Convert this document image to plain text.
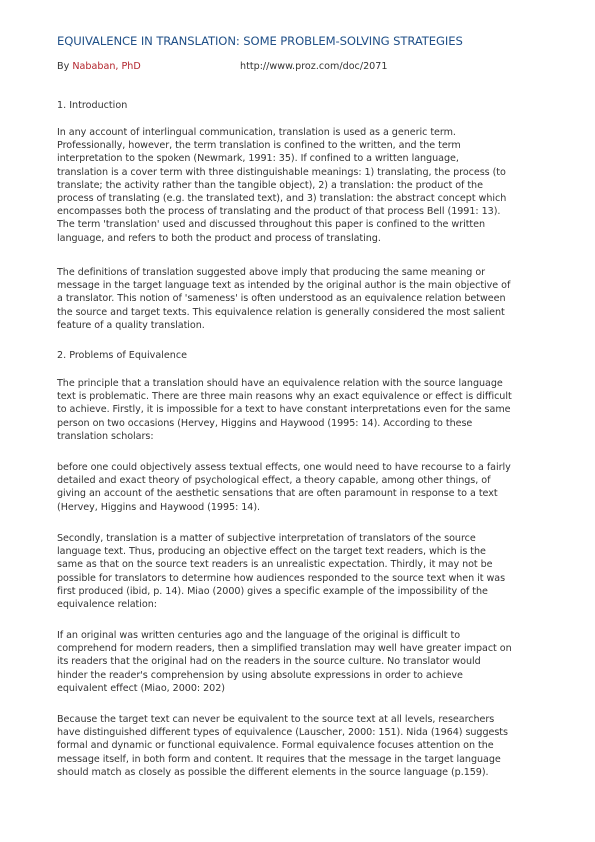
EQUIVALENCE IN TRANSLATION: SOME PROBLEM-SOLVING STRATEGIES
By Nababan, PhD	http://www.proz.com/doc/2071
1. Introduction

In any account of interlingual communication, translation is used as a generic term.
Professionally, however, the term translation is confined to the written, and the term
interpretation to the spoken (Newmark, 1991: 35). If confined to a written language,
translation is a cover term with three distinguishable meanings: 1) translating, the process (to
translate; the activity rather than the tangible object), 2) a translation: the product of the
process of translating (e.g. the translated text), and 3) translation: the abstract concept which
encompasses both the process of translating and the product of that process Bell (1991: 13).
The term 'translation' used and discussed throughout this paper is confined to the written
language, and refers to both the product and process of translating.

The definitions of translation suggested above imply that producing the same meaning or
message in the target language text as intended by the original author is the main objective of
a translator. This notion of 'sameness' is often understood as an equivalence relation between
the source and target texts. This equivalence relation is generally considered the most salient
feature of a quality translation.

2. Problems of Equivalence

The principle that a translation should have an equivalence relation with the source language
text is problematic. There are three main reasons why an exact equivalence or effect is difficult
to achieve. Firstly, it is impossible for a text to have constant interpretations even for the same
person on two occasions (Hervey, Higgins and Haywood (1995: 14). According to these
translation scholars:

before one could objectively assess textual effects, one would need to have recourse to a fairly
detailed and exact theory of psychological effect, a theory capable, among other things, of
giving an account of the aesthetic sensations that are often paramount in response to a text
(Hervey, Higgins and Haywood (1995: 14).

Secondly, translation is a matter of subjective interpretation of translators of the source
language text. Thus, producing an objective effect on the target text readers, which is the
same as that on the source text readers is an unrealistic expectation. Thirdly, it may not be
possible for translators to determine how audiences responded to the source text when it was
first produced (ibid, p. 14). Miao (2000) gives a specific example of the impossibility of the
equivalence relation:

If an original was written centuries ago and the language of the original is difficult to
comprehend for modern readers, then a simplified translation may well have greater impact on
its readers that the original had on the readers in the source culture. No translator would
hinder the reader's comprehension by using absolute expressions in order to achieve
equivalent effect (Miao, 2000: 202)

Because the target text can never be equivalent to the source text at all levels, researchers
have distinguished different types of equivalence (Lauscher, 2000: 151). Nida (1964) suggests
formal and dynamic or functional equivalence. Formal equivalence focuses attention on the
message itself, in both form and content. It requires that the message in the target language
should match as closely as possible the different elements in the source language (p.159).
